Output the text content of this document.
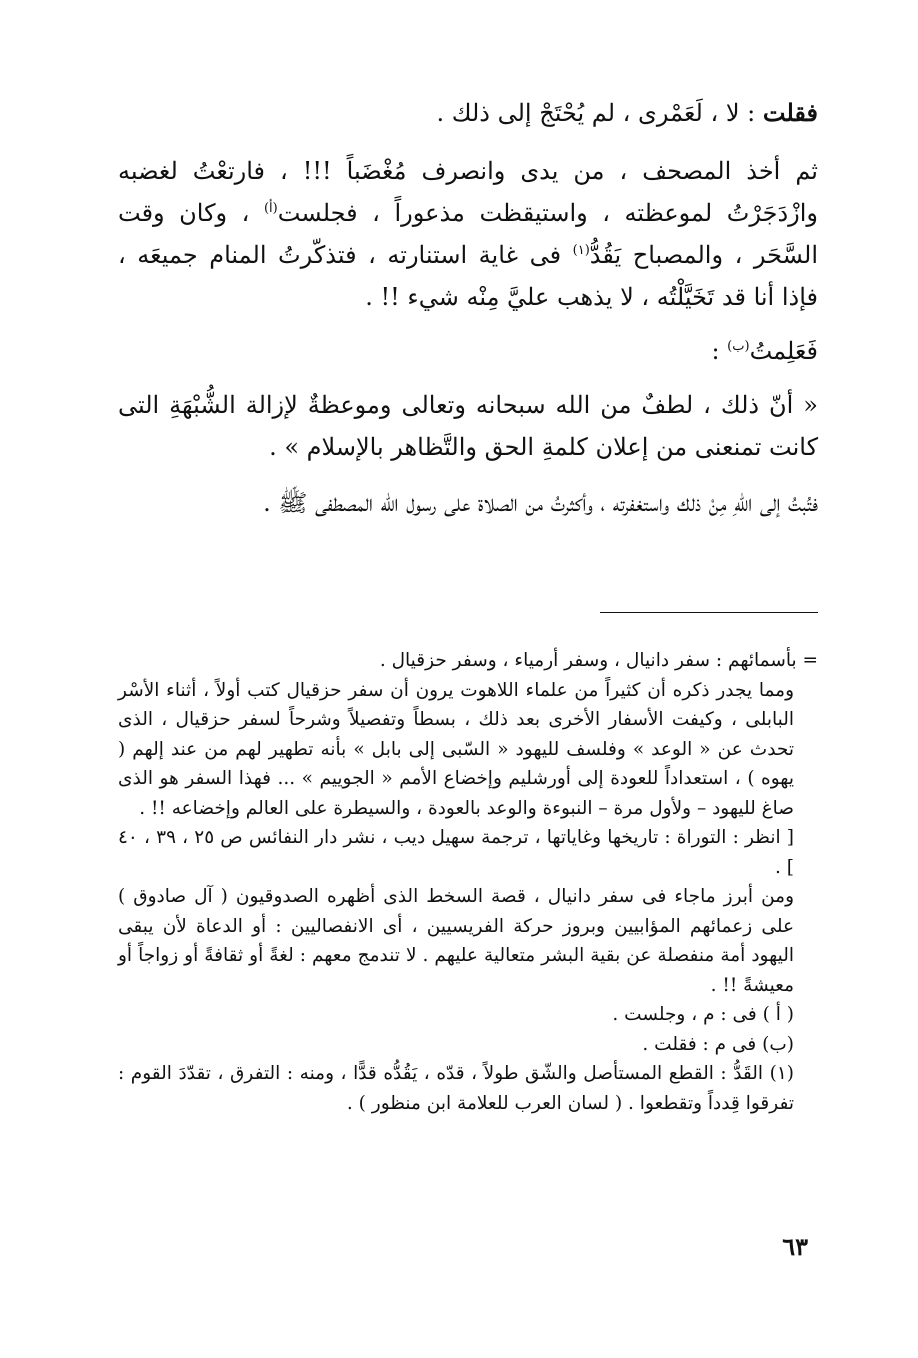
فقلت : لا ، لَعَمْرى ، لم يُحْتَجْ إلى ذلك .

ثم أخذ المصحف ، من يدى وانصرف مُغْضَباً !!! ، فارتعْتُ لغضبه وازْدَجَرْتُ لموعظته ، واستيقظت مذعوراً ، فجلست$^{(أ)}$ ، وكان وقت السَّحَر ، والمصباح يَقُدُّ$^{(١)}$ فى غاية استنارته ، فتذكّرتُ المنام جميعَه ، فإذا أنا قد تَخَيَّلْتُه ، لا يذهب عليَّ مِنْه شيء !! .

فَعَلِمتُ$^{(ب)}$ :

« أنّ ذلك ، لطفٌ من الله سبحانه وتعالى وموعظةٌ لإزالة الشُّبْهَةِ التى كانت تمنعنى من إعلان كلمةِ الحق والتَّظاهر بالإسلام » .

فتُبتُ إلى اللهِ مِنْ ذلك واستغفرته ، وأكثرتُ من الصلاة على رسول الله المصطفى ﷺ .

= بأسمائهم : سفر دانيال ، وسفر أرمياء ، وسفر حزقيال .

ومما يجدر ذكره أن كثيراً من علماء اللاهوت يرون أن سفر حزقيال كتب أولاً ، أثناء الأسْر البابلى ، وكيفت الأسفار الأخرى بعد ذلك ، بسطاً وتفصيلاً وشرحاً لسفر حزقيال ، الذى تحدث عن « الوعد » وفلسف لليهود « السّبى إلى بابل » بأنه تطهير لهم من عند إلهم ( يهوه ) ، استعداداً للعودة إلى أورشليم وإخضاع الأمم « الجوييم » ... فهذا السفر هو الذى صاغ لليهود – ولأول مرة – النبوءة والوعد بالعودة ، والسيطرة على العالم وإخضاعه !! .

[ انظر : التوراة : تاريخها وغاياتها ، ترجمة سهيل ديب ، نشر دار النفائس ص ٢٥ ، ٣٩ ، ٤٠ ] .

ومن أبرز ماجاء فى سفر دانيال ، قصة السخط الذى أظهره الصدوقيون ( آل صادوق ) على زعمائهم المؤابيين وبروز حركة الفريسيين ، أى الانفصاليين : أو الدعاة لأن يبقى اليهود أمة منفصلة عن بقية البشر متعالية عليهم . لا تندمج معهم : لغةً أو ثقافةً أو زواجاً أو معيشةً !! .

( أ ) فى : م ، وجلست .

(ب) فى م : فقلت .

(١) القَدُّ : القطع المستأصل والشّق طولاً ، قدّه ، يَقُدُّه قدًّا ، ومنه : التفرق ، تقدّدَ القوم : تفرقوا قِدداً وتقطعوا . ( لسان العرب للعلامة ابن منظور ) .

٦٣
